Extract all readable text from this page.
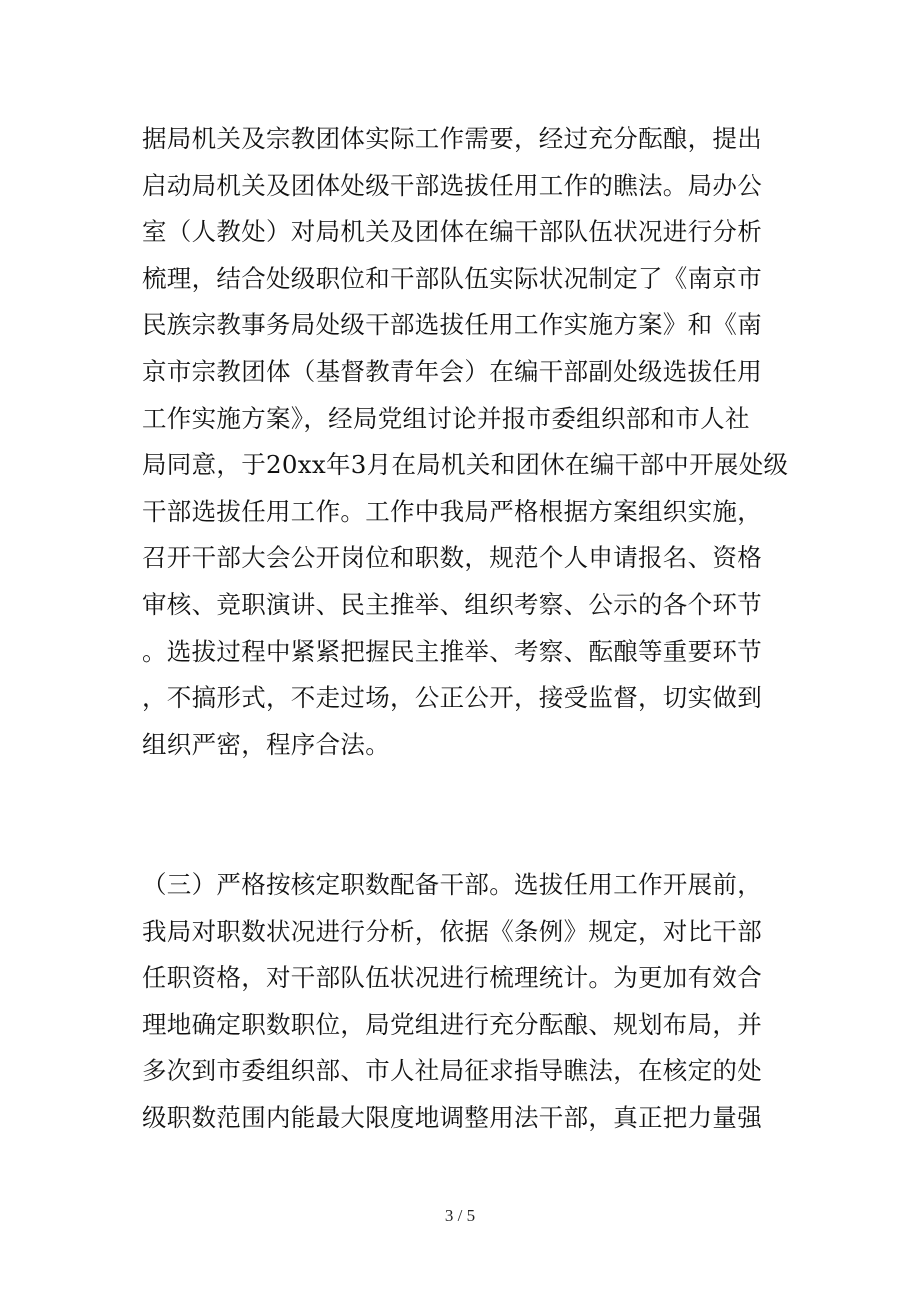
据局机关及宗教团体实际工作需要，经过充分酝酿，提出
启动局机关及团体处级干部选拔任用工作的瞧法。局办公
室（人教处）对局机关及团体在编干部队伍状况进行分析
梳理，结合处级职位和干部队伍实际状况制定了《南京市
民族宗教事务局处级干部选拔任用工作实施方案》和《南
京市宗教团体（基督教青年会）在编干部副处级选拔任用
工作实施方案》，经局党组讨论并报市委组织部和市人社
局同意，于20xx年3月在局机关和团休在编干部中开展处级
干部选拔任用工作。工作中我局严格根据方案组织实施，
召开干部大会公开岗位和职数，规范个人申请报名、资格
审核、竞职演讲、民主推举、组织考察、公示的各个环节
。选拔过程中紧紧把握民主推举、考察、酝酿等重要环节
，不搞形式，不走过场，公正公开，接受监督，切实做到
组织严密，程序合法。
（三）严格按核定职数配备干部。选拔任用工作开展前，
我局对职数状况进行分析，依据《条例》规定，对比干部
任职资格，对干部队伍状况进行梳理统计。为更加有效合
理地确定职数职位，局党组进行充分酝酿、规划布局，并
多次到市委组织部、市人社局征求指导瞧法，在核定的处
级职数范围内能最大限度地调整用法干部，真正把力量强
3 / 5
